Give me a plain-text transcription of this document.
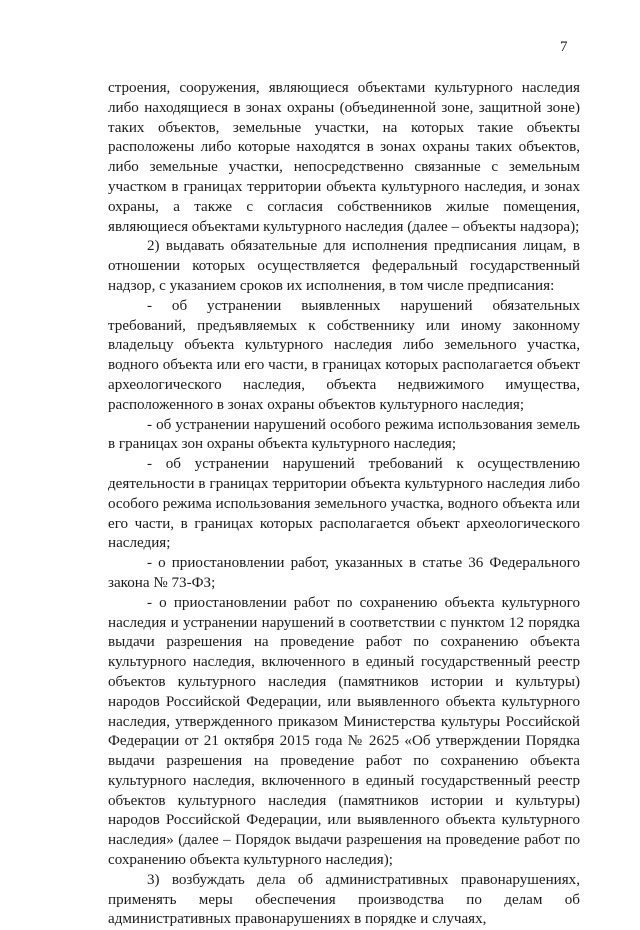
7

строения, сооружения, являющиеся объектами культурного наследия либо находящиеся в зонах охраны (объединенной зоне, защитной зоне) таких объектов, земельные участки, на которых такие объекты расположены либо которые находятся в зонах охраны таких объектов, либо земельные участки, непосредственно связанные с земельным участком в границах территории объекта культурного наследия, и зонах охраны, а также с согласия собственников жилые помещения, являющиеся объектами культурного наследия (далее – объекты надзора);

2) выдавать обязательные для исполнения предписания лицам, в отношении которых осуществляется федеральный государственный надзор, с указанием сроков их исполнения, в том числе предписания:

- об устранении выявленных нарушений обязательных требований, предъявляемых к собственнику или иному законному владельцу объекта культурного наследия либо земельного участка, водного объекта или его части, в границах которых располагается объект археологического наследия, объекта недвижимого имущества, расположенного в зонах охраны объектов культурного наследия;

- об устранении нарушений особого режима использования земель в границах зон охраны объекта культурного наследия;

- об устранении нарушений требований к осуществлению деятельности в границах территории объекта культурного наследия либо особого режима использования земельного участка, водного объекта или его части, в границах которых располагается объект археологического наследия;

- о приостановлении работ, указанных в статье 36 Федерального закона № 73-ФЗ;

- о приостановлении работ по сохранению объекта культурного наследия и устранении нарушений в соответствии с пунктом 12 порядка выдачи разрешения на проведение работ по сохранению объекта культурного наследия, включенного в единый государственный реестр объектов культурного наследия (памятников истории и культуры) народов Российской Федерации, или выявленного объекта культурного наследия, утвержденного приказом Министерства культуры Российской Федерации от 21 октября 2015 года № 2625 «Об утверждении Порядка выдачи разрешения на проведение работ по сохранению объекта культурного наследия, включенного в единый государственный реестр объектов культурного наследия (памятников истории и культуры) народов Российской Федерации, или выявленного объекта культурного наследия» (далее – Порядок выдачи разрешения на проведение работ по сохранению объекта культурного наследия);

3) возбуждать дела об административных правонарушениях, применять меры обеспечения производства по делам об административных правонарушениях в порядке и случаях,
